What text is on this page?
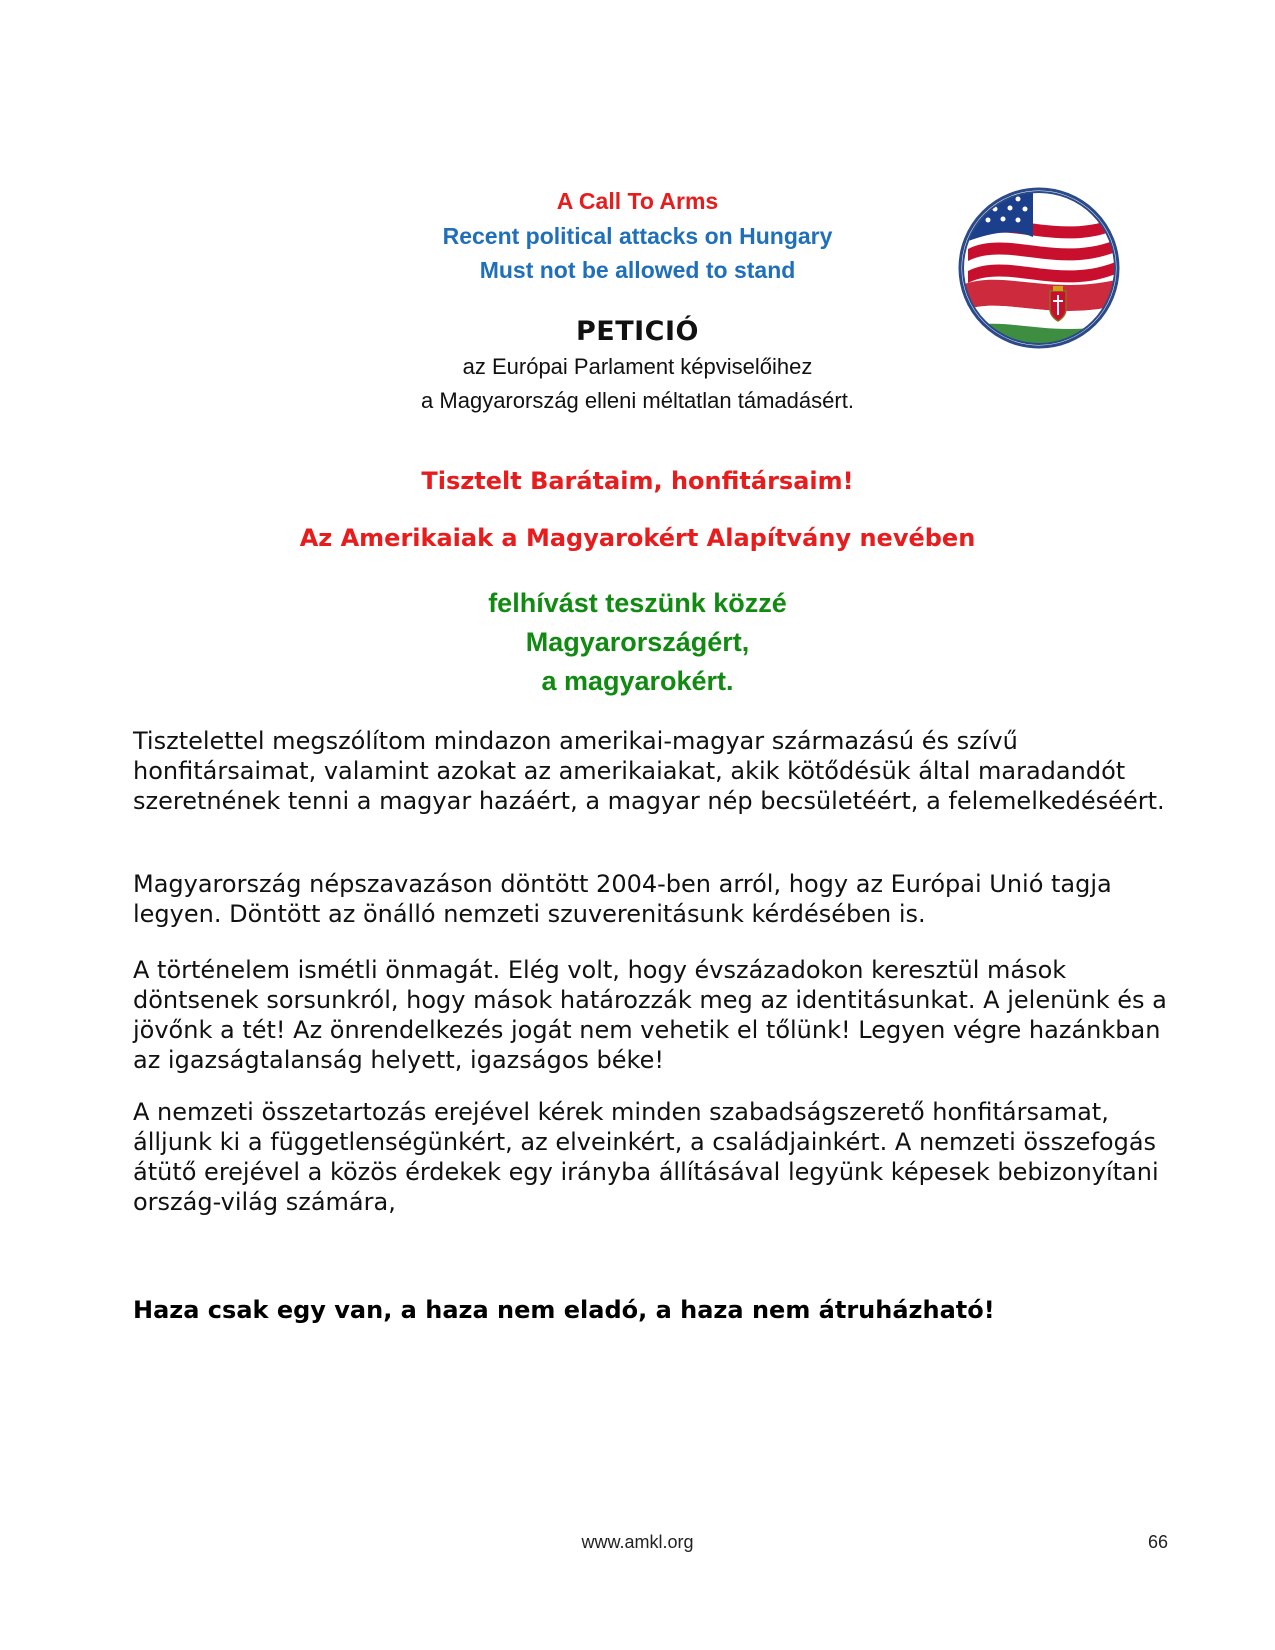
A Call To Arms
Recent political attacks on Hungary
Must not be allowed to stand
PETICIÓ
az Európai Parlament képviselőihez
a Magyarország elleni méltatlan támadásért.
Tisztelt Barátaim, honfitársaim!
Az Amerikaiak a Magyarokért Alapítvány nevében
felhívást teszünk közzé
Magyarországért,
a magyarokért.

Tisztelettel megszólítom mindazon amerikai-magyar származású és szívű honfitársaimat, valamint azokat az amerikaiakat, akik kötődésük által maradandót szeretnének tenni a magyar hazáért, a magyar nép becsületéért, a felemelkedéséért.

Magyarország népszavazáson döntött 2004-ben arról, hogy az Európai Unió tagja legyen. Döntött az önálló nemzeti szuverenitásunk kérdésében is.

A történelem ismétli önmagát. Elég volt, hogy évszázadokon keresztül mások döntsenek sorsunkról, hogy mások határozzák meg az identitásunkat. A jelenünk és a jövőnk a tét! Az önrendelkezés jogát nem vehetik el tőlünk! Legyen végre hazánkban az igazságtalanság helyett, igazságos béke!

A nemzeti összetartozás erejével kérek minden szabadságszerető honfitársamat, álljunk ki a függetlenségünkért, az elveinkért, a családjainkért. A nemzeti összefogás átütő erejével a közös érdekek egy irányba állításával legyünk képesek bebizonyítani ország-világ számára,

Haza csak egy van, a haza nem eladó, a haza nem átruházható!

www.amkl.org	66
